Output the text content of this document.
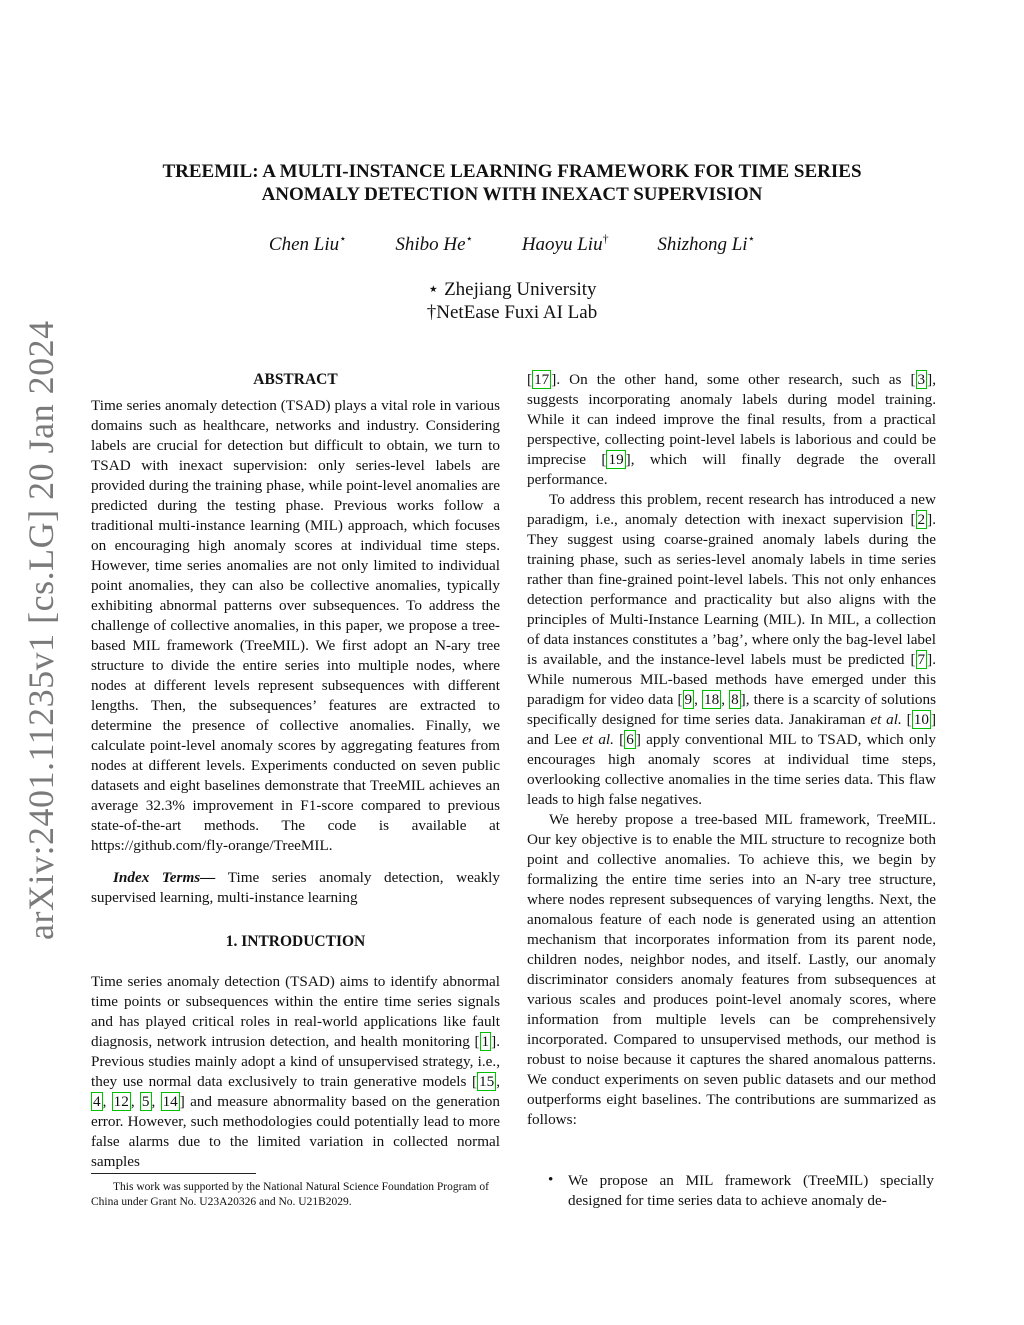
arXiv:2401.11235v1 [cs.LG] 20 Jan 2024
TREEMIL: A MULTI-INSTANCE LEARNING FRAMEWORK FOR TIME SERIES
ANOMALY DETECTION WITH INEXACT SUPERVISION
Chen Liu⋆	Shibo He⋆	Haoyu Liu†	Shizhong Li⋆
⋆ Zhejiang University
†NetEase Fuxi AI Lab

ABSTRACT

Time series anomaly detection (TSAD) plays a vital role in various domains such as healthcare, networks and industry. Considering labels are crucial for detection but difficult to obtain, we turn to TSAD with inexact supervision: only series-level labels are provided during the training phase, while point-level anomalies are predicted during the testing phase. Previous works follow a traditional multi-instance learning (MIL) approach, which focuses on encouraging high anomaly scores at individual time steps. However, time series anomalies are not only limited to individual point anomalies, they can also be collective anomalies, typically exhibiting abnormal patterns over subsequences. To address the challenge of collective anomalies, in this paper, we propose a tree-based MIL framework (TreeMIL). We first adopt an N-ary tree structure to divide the entire series into multiple nodes, where nodes at different levels represent subsequences with different lengths. Then, the subsequences’ features are extracted to determine the presence of collective anomalies. Finally, we calculate point-level anomaly scores by aggregating features from nodes at different levels. Experiments conducted on seven public datasets and eight baselines demonstrate that TreeMIL achieves an average 32.3% improvement in F1-score compared to previous state-of-the-art methods. The code is available at https://github.com/fly-orange/TreeMIL.

Index Terms— Time series anomaly detection, weakly supervised learning, multi-instance learning

1. INTRODUCTION

Time series anomaly detection (TSAD) aims to identify abnormal time points or subsequences within the entire time series signals and has played critical roles in real-world applications like fault diagnosis, network intrusion detection, and health monitoring [ 1 ]. Previous studies mainly adopt a kind of unsupervised strategy, i.e., they use normal data exclusively to train generative models [ 15 , 4 , 12 , 5 , 14 ] and measure abnormality based on the generation error. However, such methodologies could potentially lead to more false alarms due to the limited variation in collected normal samples

This work was supported by the National Natural Science Foundation Program of China under Grant No. U23A20326 and No. U21B2029.

[ 17 ]. On the other hand, some other research, such as [ 3 ], suggests incorporating anomaly labels during model training. While it can indeed improve the final results, from a practical perspective, collecting point-level labels is laborious and could be imprecise [ 19 ], which will finally degrade the overall performance.

To address this problem, recent research has introduced a new paradigm, i.e., anomaly detection with inexact supervision [ 2 ]. They suggest using coarse-grained anomaly labels during the training phase, such as series-level anomaly labels in time series rather than fine-grained point-level labels. This not only enhances detection performance and practicality but also aligns with the principles of Multi-Instance Learning (MIL). In MIL, a collection of data instances constitutes a ’bag’, where only the bag-level label is available, and the instance-level labels must be predicted [ 7 ]. While numerous MIL-based methods have emerged under this paradigm for video data [ 9 , 18 , 8 ], there is a scarcity of solutions specifically designed for time series data. Janakiraman et al. [ 10 ] and Lee et al. [ 6 ] apply conventional MIL to TSAD, which only encourages high anomaly scores at individual time steps, overlooking collective anomalies in the time series data. This flaw leads to high false negatives.

We hereby propose a tree-based MIL framework, TreeMIL. Our key objective is to enable the MIL structure to recognize both point and collective anomalies. To achieve this, we begin by formalizing the entire time series into an N-ary tree structure, where nodes represent subsequences of varying lengths. Next, the anomalous feature of each node is generated using an attention mechanism that incorporates information from its parent node, children nodes, neighbor nodes, and itself. Lastly, our anomaly discriminator considers anomaly features from subsequences at various scales and produces point-level anomaly scores, where information from multiple levels can be comprehensively incorporated. Compared to unsupervised methods, our method is robust to noise because it captures the shared anomalous patterns. We conduct experiments on seven public datasets and our method outperforms eight baselines. The contributions are summarized as follows:

• We propose an MIL framework (TreeMIL) specially designed for time series data to achieve anomaly de-
